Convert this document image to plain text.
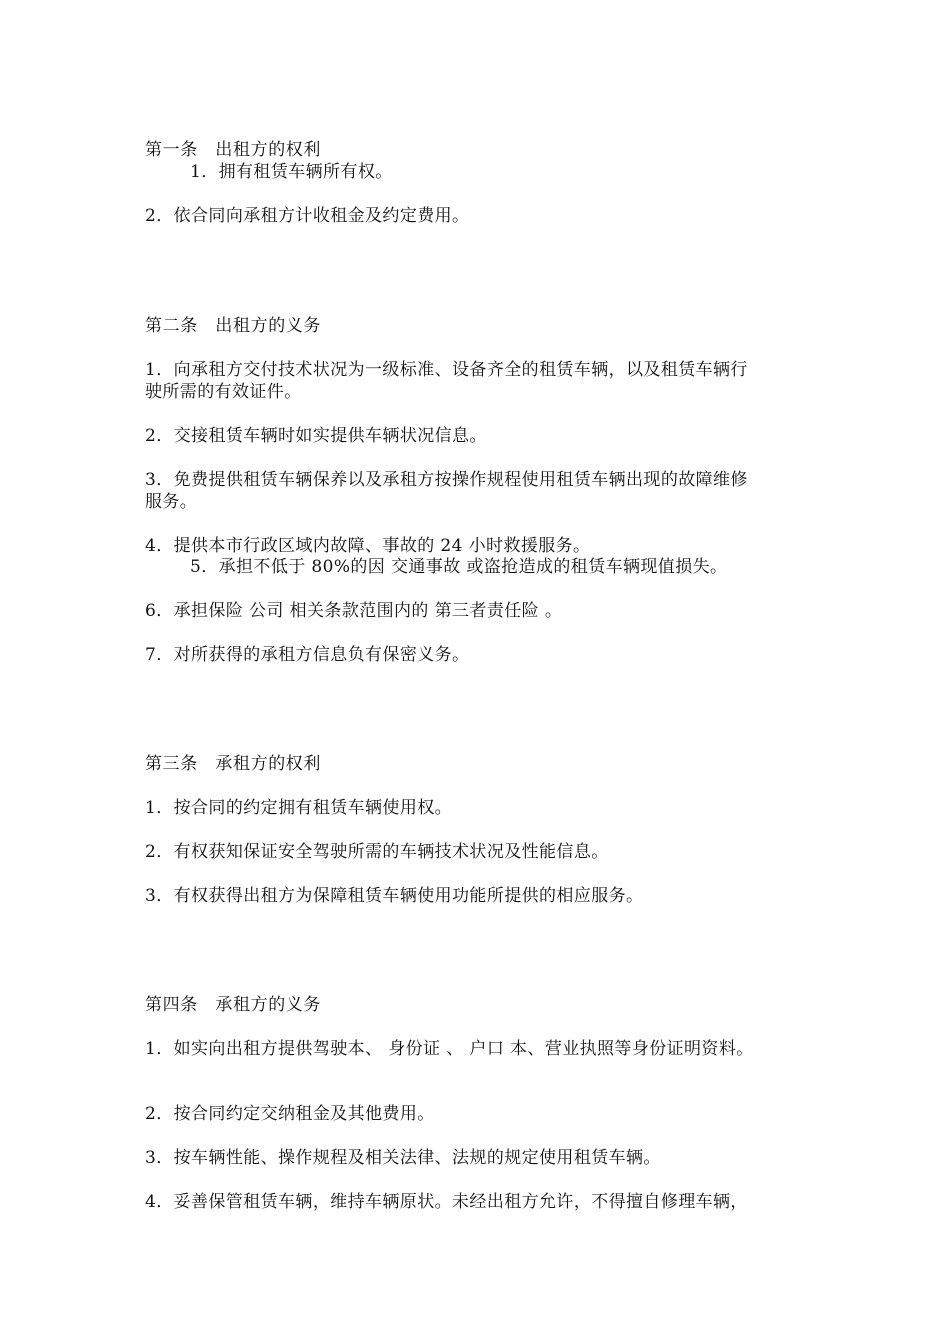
第一条　出租方的权利
1．拥有租赁车辆所有权。
2．依合同向承租方计收租金及约定费用。
第二条　出租方的义务
1．向承租方交付技术状况为一级标准、设备齐全的租赁车辆，以及租赁车辆行
驶所需的有效证件。
2．交接租赁车辆时如实提供车辆状况信息。
3．免费提供租赁车辆保养以及承租方按操作规程使用租赁车辆出现的故障维修
服务。
4．提供本市行政区域内故障、事故的 24 小时救援服务。
5．承担不低于 80%的因 交通事故 或盗抢造成的租赁车辆现值损失。
6．承担保险 公司 相关条款范围内的 第三者责任险 。
7．对所获得的承租方信息负有保密义务。
第三条　承租方的权利
1．按合同的约定拥有租赁车辆使用权。
2．有权获知保证安全驾驶所需的车辆技术状况及性能信息。
3．有权获得出租方为保障租赁车辆使用功能所提供的相应服务。
第四条　承租方的义务
1．如实向出租方提供驾驶本、 身份证 、 户口 本、营业执照等身份证明资料。
2．按合同约定交纳租金及其他费用。
3．按车辆性能、操作规程及相关法律、法规的规定使用租赁车辆。
4．妥善保管租赁车辆，维持车辆原状。未经出租方允许，不得擅自修理车辆，
